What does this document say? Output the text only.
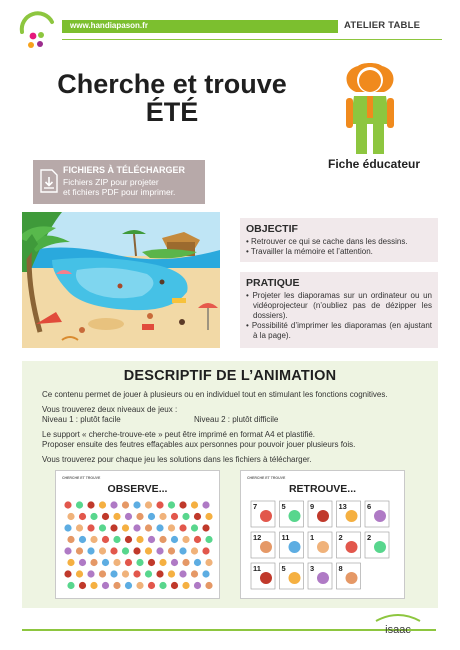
www.handiapason.fr	ATELIER TABLE
Cherche et trouve
ÉTÉ
Fiche éducateur
FICHIERS À TÉLÉCHARGER
Fichiers ZIP pour projeter
et fichiers PDF pour imprimer.
OBJECTIF
• Retrouver ce qui se cache dans les dessins.
• Travailler la mémoire et l’attention.
PRATIQUE
• Projeter les diaporamas sur un ordinateur ou un vidéoprojecteur (n’oubliez pas de dézipper les dossiers).
• Possibilité d’imprimer les diaporamas (en ajustant à la page).
DESCRIPTIF DE L’ANIMATION
Ce contenu permet de jouer à plusieurs ou en individuel tout en stimulant les fonctions cognitives.
Vous trouverez deux niveaux de jeux :
Niveau 1 : plutôt facile	Niveau 2 : plutôt difficile
Le support « cherche-trouve-ete » peut être imprimé en format A4 et plastifié.
Proposer ensuite des feutres effaçables aux personnes pour pouvoir jouer plusieurs fois.
Vous trouverez pour chaque jeu les solutions dans les fichiers à télécharger.
CHERCHE ET TROUVE
OBSERVE...
CHERCHE ET TROUVE
RETROUVE...
7	5	9	13	6
12	11	1	2	2
11	5	3	8
isaac
